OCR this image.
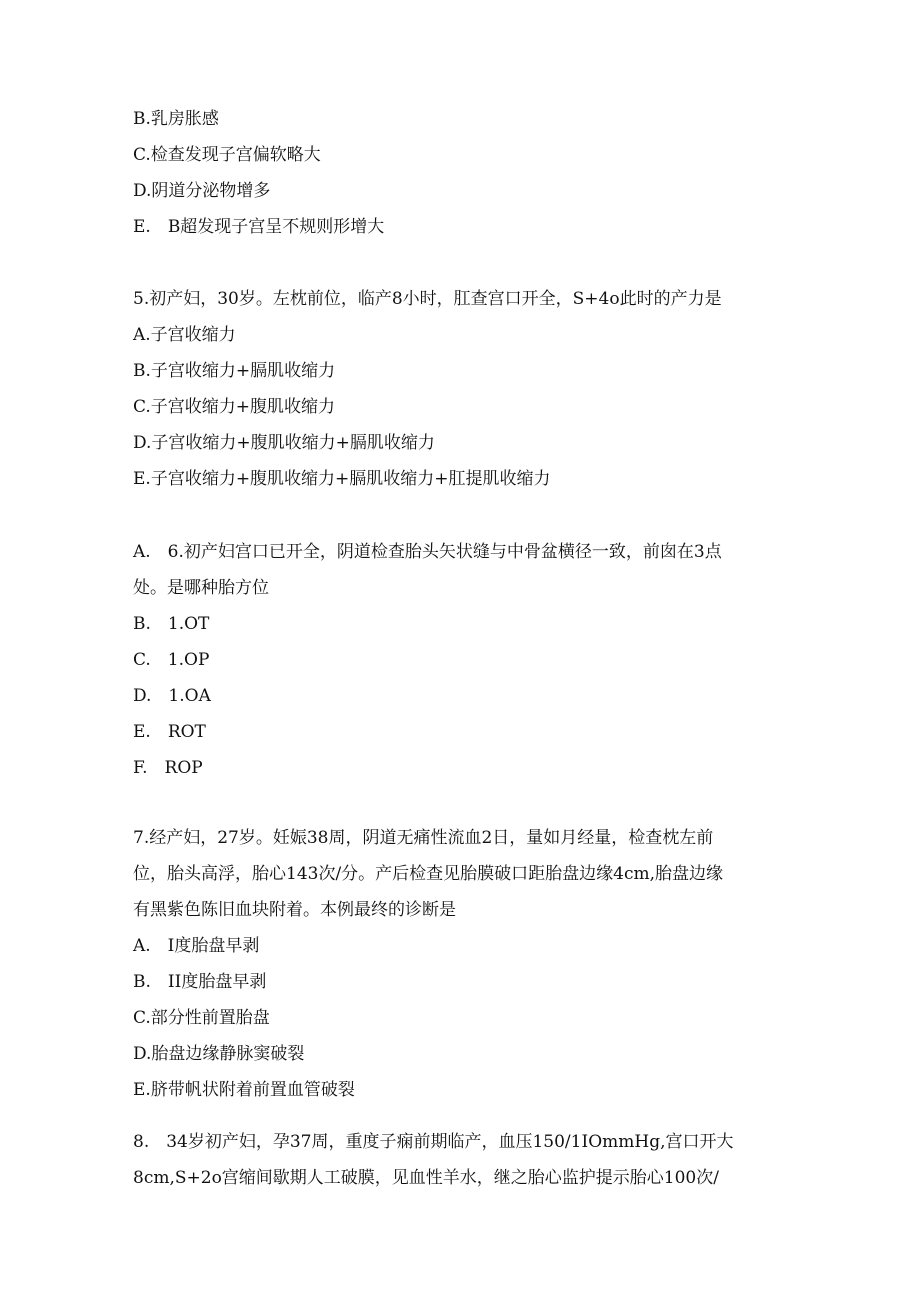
B.乳房胀感
C.检查发现子宫偏软略大
D.阴道分泌物增多
E.　B超发现子宫呈不规则形增大
5.初产妇，30岁。左枕前位，临产8小时，肛查宫口开全，S+4o此时的产力是
A.子宫收缩力
B.子宫收缩力+膈肌收缩力
C.子宫收缩力+腹肌收缩力
D.子宫收缩力+腹肌收缩力+膈肌收缩力
E.子宫收缩力+腹肌收缩力+膈肌收缩力+肛提肌收缩力
A.　6.初产妇宫口已开全，阴道检查胎头矢状缝与中骨盆横径一致，前囱在3点
处。是哪种胎方位
B.　1.OT
C.　1.OP
D.　1.OA
E.　ROT
F.　ROP
7.经产妇，27岁。妊娠38周，阴道无痛性流血2日，量如月经量，检查枕左前
位，胎头高浮，胎心143次/分。产后检查见胎膜破口距胎盘边缘4cm,胎盘边缘
有黑紫色陈旧血块附着。本例最终的诊断是
A.　I度胎盘早剥
B.　II度胎盘早剥
C.部分性前置胎盘
D.胎盘边缘静脉窦破裂
E.脐带帆状附着前置血管破裂
8.　34岁初产妇，孕37周，重度子痫前期临产，血压150/1IOmmHg,宫口开大
8cm,S+2o宫缩间歇期人工破膜，见血性羊水，继之胎心监护提示胎心100次/
